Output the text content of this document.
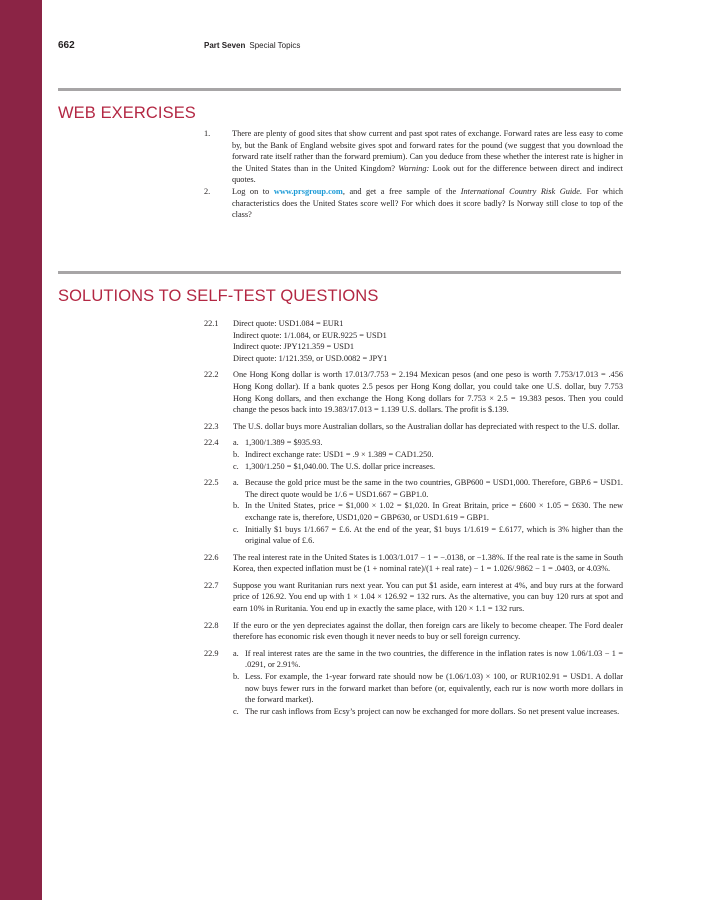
662	Part Seven Special Topics
WEB EXERCISES
1.	There are plenty of good sites that show current and past spot rates of exchange. Forward rates are less easy to come by, but the Bank of England website gives spot and forward rates for the pound (we suggest that you download the forward rate itself rather than the forward premium). Can you deduce from these whether the interest rate is higher in the United States than in the United Kingdom? Warning: Look out for the difference between direct and indirect quotes.
2.	Log on to www.prsgroup.com, and get a free sample of the International Country Risk Guide. For which characteristics does the United States score well? For which does it score badly? Is Norway still close to top of the class?
SOLUTIONS TO SELF-TEST QUESTIONS
22.1	Direct quote: USD1.084 = EUR1
Indirect quote: 1/1.084, or EUR.9225 = USD1
Indirect quote: JPY121.359 = USD1
Direct quote: 1/121.359, or USD.0082 = JPY1
22.2	One Hong Kong dollar is worth 17.013/7.753 = 2.194 Mexican pesos (and one peso is worth 7.753/17.013 = .456 Hong Kong dollar). If a bank quotes 2.5 pesos per Hong Kong dollar, you could take one U.S. dollar, buy 7.753 Hong Kong dollars, and then exchange the Hong Kong dollars for 7.753 × 2.5 = 19.383 pesos. Then you could change the pesos back into 19.383/17.013 = 1.139 U.S. dollars. The profit is $.139.
22.3	The U.S. dollar buys more Australian dollars, so the Australian dollar has depreciated with respect to the U.S. dollar.
22.4	a. 1,300/1.389 = $935.93.
b. Indirect exchange rate: USD1 = .9 × 1.389 = CAD1.250.
c. 1,300/1.250 = $1,040.00. The U.S. dollar price increases.
22.5	a. Because the gold price must be the same in the two countries, GBP600 = USD1,000. Therefore, GBP.6 = USD1. The direct quote would be 1/.6 = USD1.667 = GBP1.0.
b. In the United States, price = $1,000 × 1.02 = $1,020. In Great Britain, price = £600 × 1.05 = £630. The new exchange rate is, therefore, USD1,020 = GBP630, or USD1.619 = GBP1.
c. Initially $1 buys 1/1.667 = £.6. At the end of the year, $1 buys 1/1.619 = £.6177, which is 3% higher than the original value of £.6.
22.6	The real interest rate in the United States is 1.003/1.017 − 1 = −.0138, or −1.38%. If the real rate is the same in South Korea, then expected inflation must be (1 + nominal rate)/(1 + real rate) − 1 = 1.026/.9862 − 1 = .0403, or 4.03%.
22.7	Suppose you want Ruritanian rurs next year. You can put $1 aside, earn interest at 4%, and buy rurs at the forward price of 126.92. You end up with 1 × 1.04 × 126.92 = 132 rurs. As the alternative, you can buy 120 rurs at spot and earn 10% in Ruritania. You end up in exactly the same place, with 120 × 1.1 = 132 rurs.
22.8	If the euro or the yen depreciates against the dollar, then foreign cars are likely to become cheaper. The Ford dealer therefore has economic risk even though it never needs to buy or sell foreign currency.
22.9	a. If real interest rates are the same in the two countries, the difference in the inflation rates is now 1.06/1.03 − 1 = .0291, or 2.91%.
b. Less. For example, the 1-year forward rate should now be (1.06/1.03) × 100, or RUR102.91 = USD1. A dollar now buys fewer rurs in the forward market than before (or, equivalently, each rur is now worth more dollars in the forward market).
c. The rur cash inflows from Ecsy’s project can now be exchanged for more dollars. So net present value increases.
